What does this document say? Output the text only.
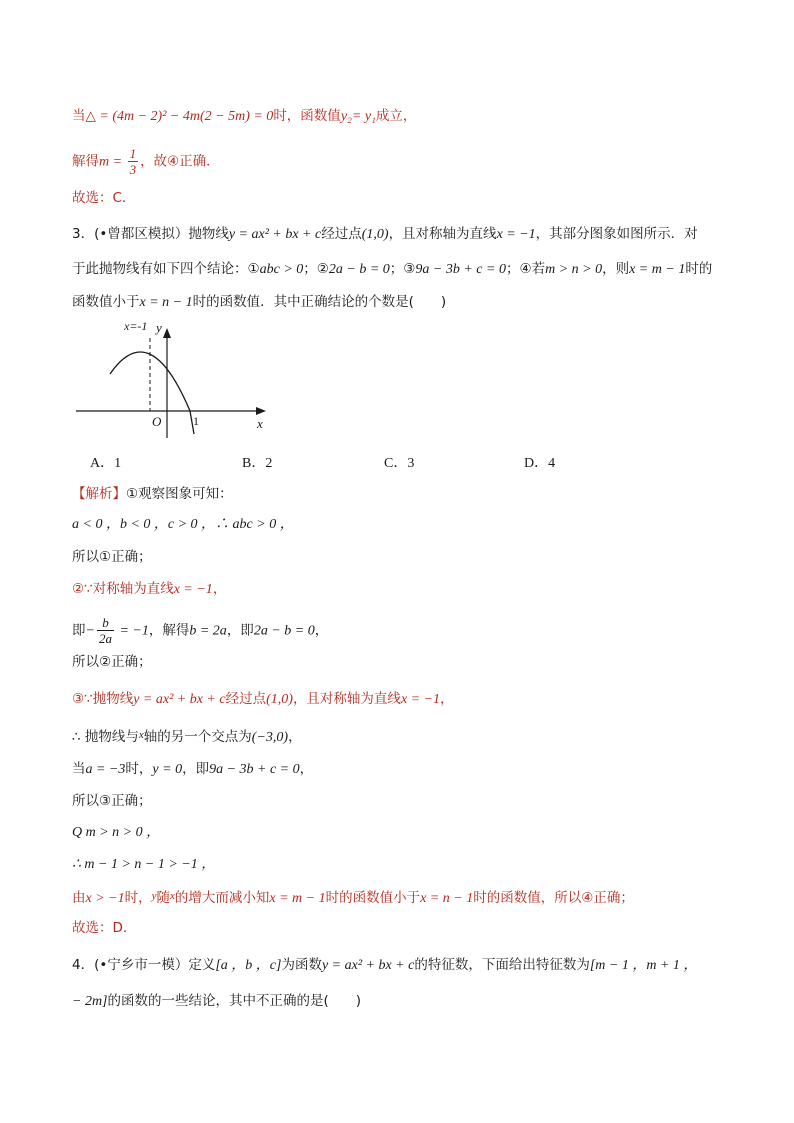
当△ = (4m − 2)² − 4m(2 − 5m) = 0时，函数值y₂= y₁成立，
解得$m = \frac{1}{3}$ ，故④正确．
故选：C．
3．(•曾都区模拟）抛物线y = ax² + bx + c经过点(1,0)，且对称轴为直线x = −1，其部分图象如图所示．对
于此抛物线有如下四个结论：①abc > 0；②2a − b = 0；③9a − 3b + c = 0；④若m > n > 0，则x = m − 1时的
函数值小于x = n − 1时的函数值．其中正确结论的个数是(　　)
x=-1 y
x
O	1
A．1	B．2	C．3	D．4
【解析】①观察图象可知：
a < 0 ，b < 0 ，c > 0 ，∴ abc > 0 ，
所以①正确；
②∵对称轴为直线x = −1，
即− $\frac{b}{2a} = -1$，解得b = 2a，即2a − b = 0，
所以②正确；
③∵抛物线y = ax² + bx + c经过点(1,0)，且对称轴为直线x = −1，
∴ 抛物线与$^x$轴的另一个交点为(−3,0)，
当a = −3时，y = 0，即9a − 3b + c = 0，
所以③正确；
Q m > n > 0 ，
∴ m − 1 > n − 1 > −1 ，
由x > −1时，$^y$随$^x$的增大而减小知x = m − 1时的函数值小于x = n − 1时的函数值，所以④正确；
故选：D．
4．(•宁乡市一模）定义[a ，b ，c]为函数y = ax² + bx + c的特征数，下面给出特征数为[m − 1 ，m + 1 ，
− 2m]的函数的一些结论，其中不正确的是(　　)
